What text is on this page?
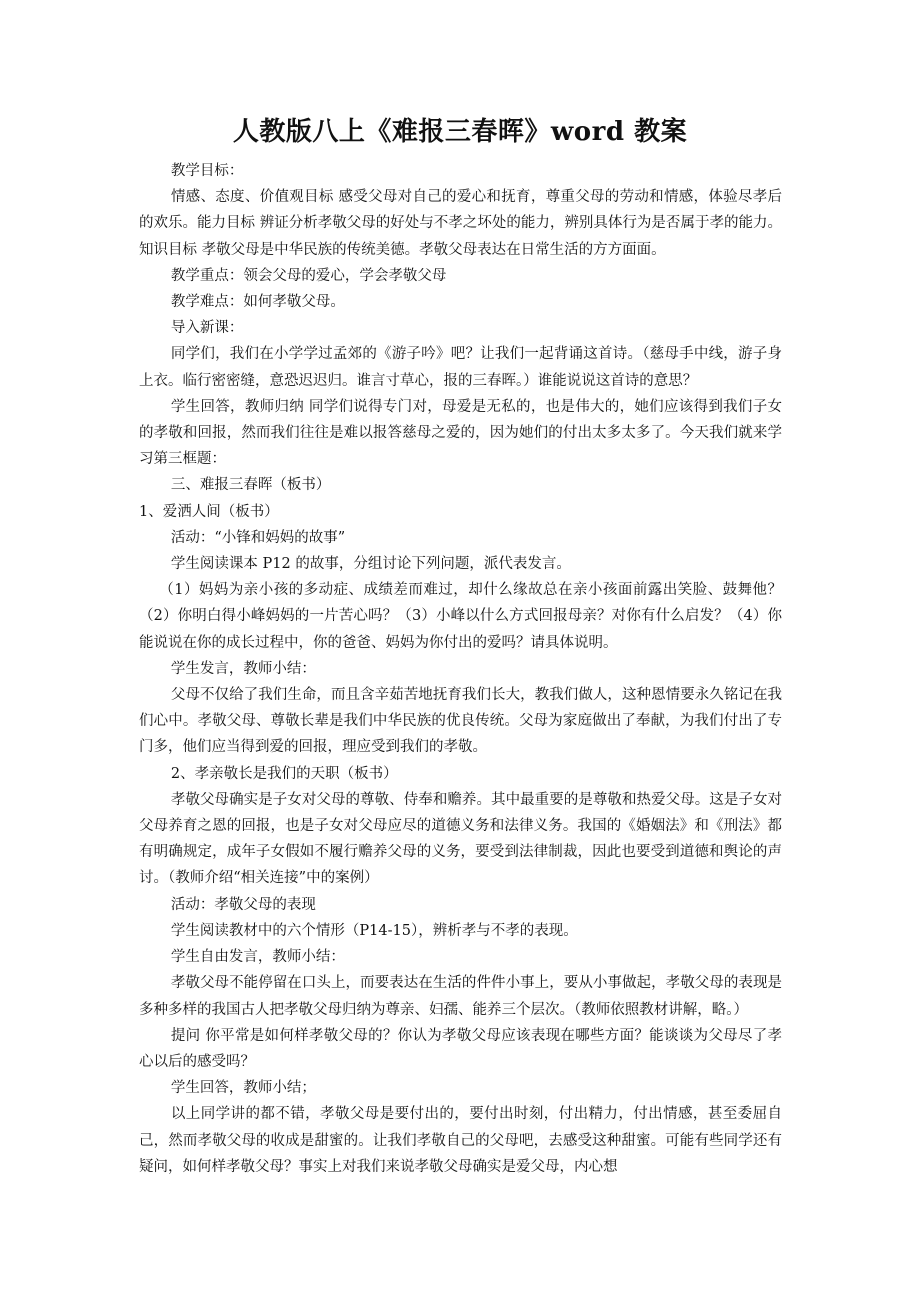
人教版八上《难报三春晖》word 教案

教学目标：

情感、态度、价值观目标 感受父母对自己的爱心和抚育，尊重父母的劳动和情感，体验尽孝后的欢乐。能力目标 辨证分析孝敬父母的好处与不孝之坏处的能力，辨别具体行为是否属于孝的能力。知识目标 孝敬父母是中华民族的传统美德。孝敬父母表达在日常生活的方方面面。

教学重点：领会父母的爱心，学会孝敬父母

教学难点：如何孝敬父母。

导入新课：

同学们，我们在小学学过孟郊的《游子吟》吧？让我们一起背诵这首诗。（慈母手中线，游子身上衣。临行密密缝，意恐迟迟归。谁言寸草心，报的三春晖。）谁能说说这首诗的意思？

学生回答，教师归纳 同学们说得专门对，母爱是无私的，也是伟大的，她们应该得到我们子女的孝敬和回报，然而我们往往是难以报答慈母之爱的，因为她们的付出太多太多了。今天我们就来学习第三框题：

三、难报三春晖（板书）

1、爱洒人间（板书）

活动：“小锋和妈妈的故事”

学生阅读课本 P12 的故事，分组讨论下列问题，派代表发言。

（1）妈妈为亲小孩的多动症、成绩差而难过，却什么缘故总在亲小孩面前露出笑脸、鼓舞他？（2）你明白得小峰妈妈的一片苦心吗？（3）小峰以什么方式回报母亲？对你有什么启发？（4）你能说说在你的成长过程中，你的爸爸、妈妈为你付出的爱吗？请具体说明。

学生发言，教师小结：

父母不仅给了我们生命，而且含辛茹苦地抚育我们长大，教我们做人，这种恩情要永久铭记在我们心中。孝敬父母、尊敬长辈是我们中华民族的优良传统。父母为家庭做出了奉献，为我们付出了专门多，他们应当得到爱的回报，理应受到我们的孝敬。

2、孝亲敬长是我们的天职（板书）

孝敬父母确实是子女对父母的尊敬、侍奉和赡养。其中最重要的是尊敬和热爱父母。这是子女对父母养育之恩的回报，也是子女对父母应尽的道德义务和法律义务。我国的《婚姻法》和《刑法》都有明确规定，成年子女假如不履行赡养父母的义务，要受到法律制裁，因此也要受到道德和舆论的声讨。（教师介绍“相关连接”中的案例）

活动：孝敬父母的表现

学生阅读教材中的六个情形（P14-15），辨析孝与不孝的表现。

学生自由发言，教师小结：

孝敬父母不能停留在口头上，而要表达在生活的件件小事上，要从小事做起，孝敬父母的表现是多种多样的我国古人把孝敬父母归纳为尊亲、妇孺、能养三个层次。（教师依照教材讲解，略。）

提问 你平常是如何样孝敬父母的？你认为孝敬父母应该表现在哪些方面？能谈谈为父母尽了孝心以后的感受吗？

学生回答，教师小结；

以上同学讲的都不错，孝敬父母是要付出的，要付出时刻，付出精力，付出情感，甚至委屈自己，然而孝敬父母的收成是甜蜜的。让我们孝敬自己的父母吧，去感受这种甜蜜。可能有些同学还有疑问，如何样孝敬父母？事实上对我们来说孝敬父母确实是爱父母，内心想
